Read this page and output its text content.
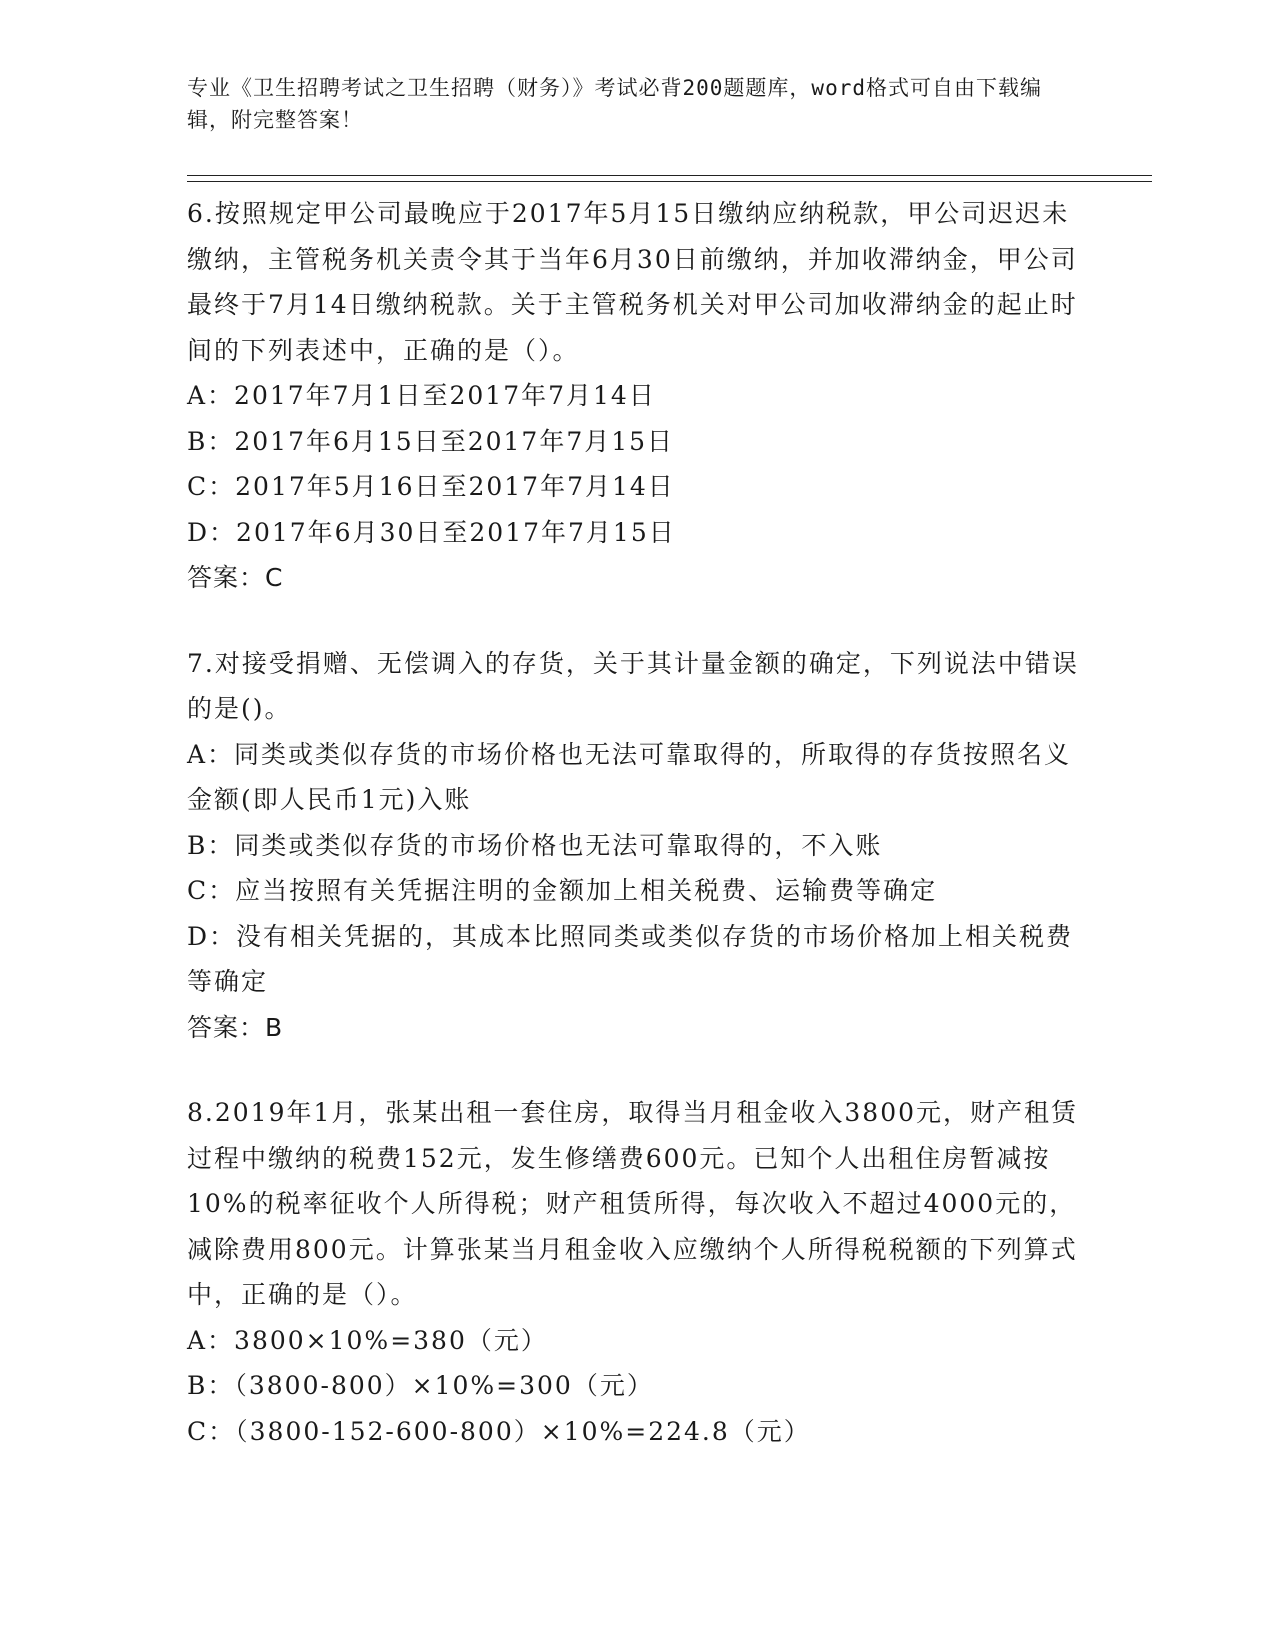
专业《卫生招聘考试之卫生招聘（财务）》考试必背200题题库，word格式可自由下载编辑，附完整答案！

6.按照规定甲公司最晚应于2017年5月15日缴纳应纳税款，甲公司迟迟未缴纳，主管税务机关责令其于当年6月30日前缴纳，并加收滞纳金，甲公司最终于7月14日缴纳税款。关于主管税务机关对甲公司加收滞纳金的起止时间的下列表述中，正确的是（）。

A：2017年7月1日至2017年7月14日

B：2017年6月15日至2017年7月15日

C：2017年5月16日至2017年7月14日

D：2017年6月30日至2017年7月15日

答案：C

7.对接受捐赠、无偿调入的存货，关于其计量金额的确定，下列说法中错误的是()。

A：同类或类似存货的市场价格也无法可靠取得的，所取得的存货按照名义金额(即人民币1元)入账

B：同类或类似存货的市场价格也无法可靠取得的，不入账

C：应当按照有关凭据注明的金额加上相关税费、运输费等确定

D：没有相关凭据的，其成本比照同类或类似存货的市场价格加上相关税费等确定

答案：B

8.2019年1月，张某出租一套住房，取得当月租金收入3800元，财产租赁过程中缴纳的税费152元，发生修缮费600元。已知个人出租住房暂减按10%的税率征收个人所得税；财产租赁所得，每次收入不超过4000元的，减除费用800元。计算张某当月租金收入应缴纳个人所得税税额的下列算式中，正确的是（）。

A：3800×10%=380（元）

B：（3800-800）×10%=300（元）

C：（3800-152-600-800）×10%=224.8（元）
